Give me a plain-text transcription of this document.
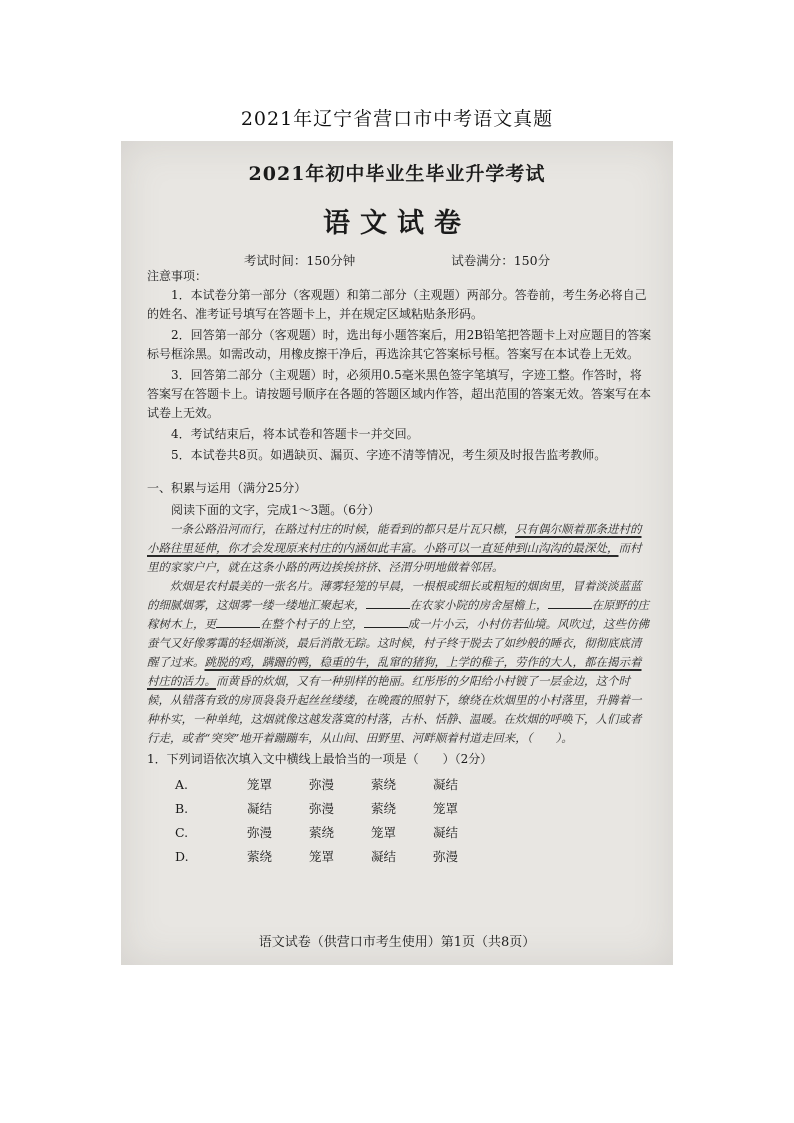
2021年辽宁省营口市中考语文真题
2021年初中毕业生毕业升学考试
语文试卷
考试时间：150分钟	试卷满分：150分

注意事项：

1．本试卷分第一部分（客观题）和第二部分（主观题）两部分。答卷前，考生务必将自己的姓名、准考证号填写在答题卡上，并在规定区域粘贴条形码。

2．回答第一部分（客观题）时，选出每小题答案后，用2B铅笔把答题卡上对应题目的答案标号框涂黑。如需改动，用橡皮擦干净后，再选涂其它答案标号框。答案写在本试卷上无效。

3．回答第二部分（主观题）时，必须用0.5毫米黑色签字笔填写，字迹工整。作答时，将答案写在答题卡上。请按题号顺序在各题的答题区域内作答，超出范围的答案无效。答案写在本试卷上无效。

4．考试结束后，将本试卷和答题卡一并交回。

5．本试卷共8页。如遇缺页、漏页、字迹不清等情况，考生须及时报告监考教师。

一、积累与运用（满分25分）

阅读下面的文字，完成1～3题。（6分）

一条公路沿河而行，在路过村庄的时候，能看到的都只是片瓦只檩，只有偶尔顺着那条进村的小路往里延伸，你才会发现原来村庄的内涵如此丰富。小路可以一直延伸到山沟沟的最深处，而村里的家家户户，就在这条小路的两边挨挨挤挤、泾渭分明地做着邻居。

炊烟是农村最美的一张名片。薄雾轻笼的早晨，一根根或细长或粗短的烟囱里，冒着淡淡蓝蓝的细腻烟雾，这烟雾一缕一缕地汇聚起来，	在农家小院的房舍屋檐上，	在原野的庄稼树木上，更	在整个村子的上空，	成一片小云，小村仿若仙境。风吹过，这些仿佛蚕气又好像雾霭的轻烟渐淡，最后消散无踪。这时候，村子终于脱去了如纱般的睡衣，彻彻底底清醒了过来。跳脱的鸡，蹒跚的鸭，稳重的牛，乱窜的猪狗，上学的稚子，劳作的大人，都在揭示着村庄的活力。而黄昏的炊烟，又有一种别样的艳丽。红彤彤的夕阳给小村镀了一层金边，这个时候，从错落有致的房顶袅袅升起丝丝缕缕，在晚霞的照射下，缭绕在炊烟里的小村落里，升腾着一种朴实，一种单纯，这烟就像这越发落寞的村落，古朴、恬静、温暖。在炊烟的呼唤下，人们或者行走，或者“突突”地开着蹦蹦车，从山间、田野里、河畔顺着村道走回来，（　　）。

1．下列词语依次填入文中横线上最恰当的一项是（　　）（2分）

A.	笼罩	弥漫	萦绕	凝结
B.	凝结	弥漫	萦绕	笼罩
C.	弥漫	萦绕	笼罩	凝结
D.	萦绕	笼罩	凝结	弥漫
语文试卷（供营口市考生使用）第1页（共8页）
